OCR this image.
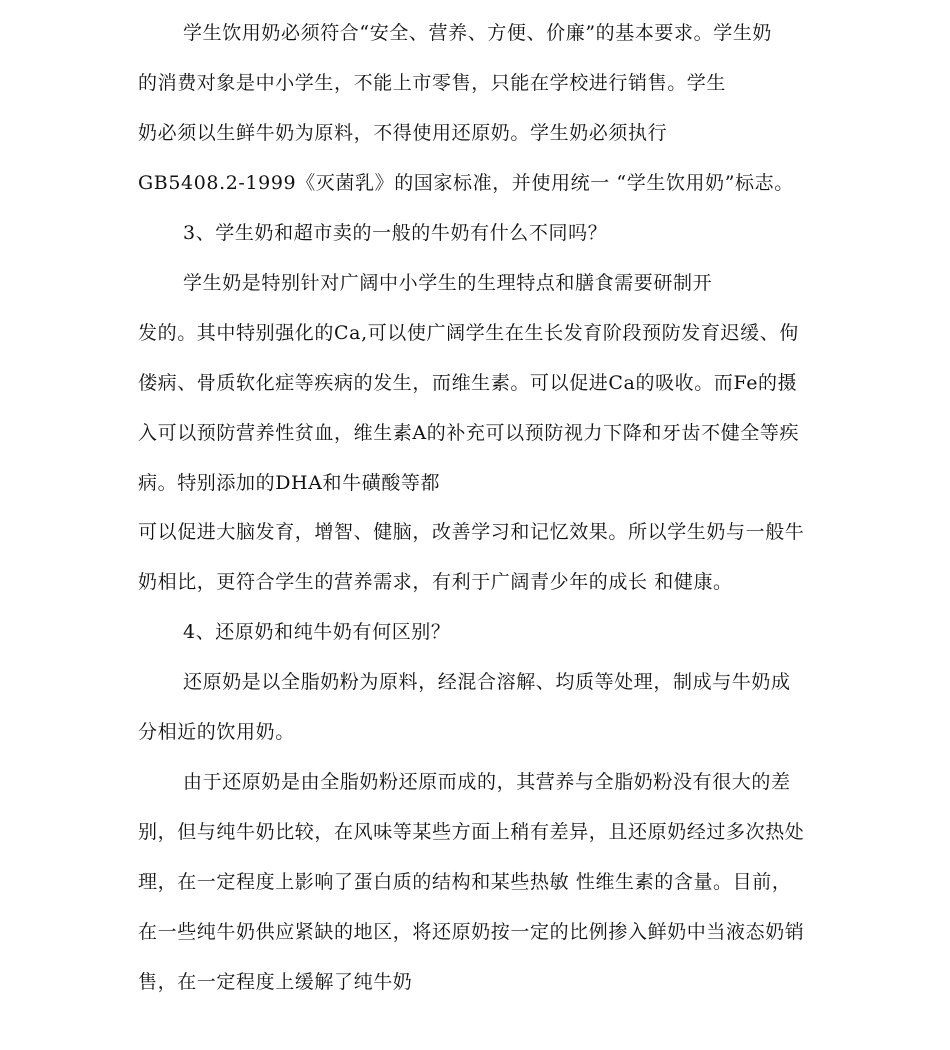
学生饮用奶必须符合“安全、营养、方便、价廉”的基本要求。学生奶
的消费对象是中小学生，不能上市零售，只能在学校进行销售。学生
奶必须以生鲜牛奶为原料，不得使用还原奶。学生奶必须执行
GB5408.2-1999《灭菌乳》的国家标准，并使用统一 “学生饮用奶”标志。
3、学生奶和超市卖的一般的牛奶有什么不同吗？
学生奶是特别针对广阔中小学生的生理特点和膳食需要研制开
发的。其中特别强化的Ca,可以使广阔学生在生长发育阶段预防发育迟缓、佝
偻病、骨质软化症等疾病的发生，而维生素。可以促进Ca的吸收。而Fe的摄
入可以预防营养性贫血，维生素A的补充可以预防视力下降和牙齿不健全等疾
病。特别添加的DHA和牛磺酸等都
可以促进大脑发育，增智、健脑，改善学习和记忆效果。所以学生奶与一般牛
奶相比，更符合学生的营养需求，有利于广阔青少年的成长 和健康。
4、还原奶和纯牛奶有何区别？
还原奶是以全脂奶粉为原料，经混合溶解、均质等处理，制成与牛奶成
分相近的饮用奶。
由于还原奶是由全脂奶粉还原而成的，其营养与全脂奶粉没有很大的差
别，但与纯牛奶比较，在风味等某些方面上稍有差异，且还原奶经过多次热处
理，在一定程度上影响了蛋白质的结构和某些热敏 性维生素的含量。目前，
在一些纯牛奶供应紧缺的地区，将还原奶按一定的比例掺入鲜奶中当液态奶销
售，在一定程度上缓解了纯牛奶
